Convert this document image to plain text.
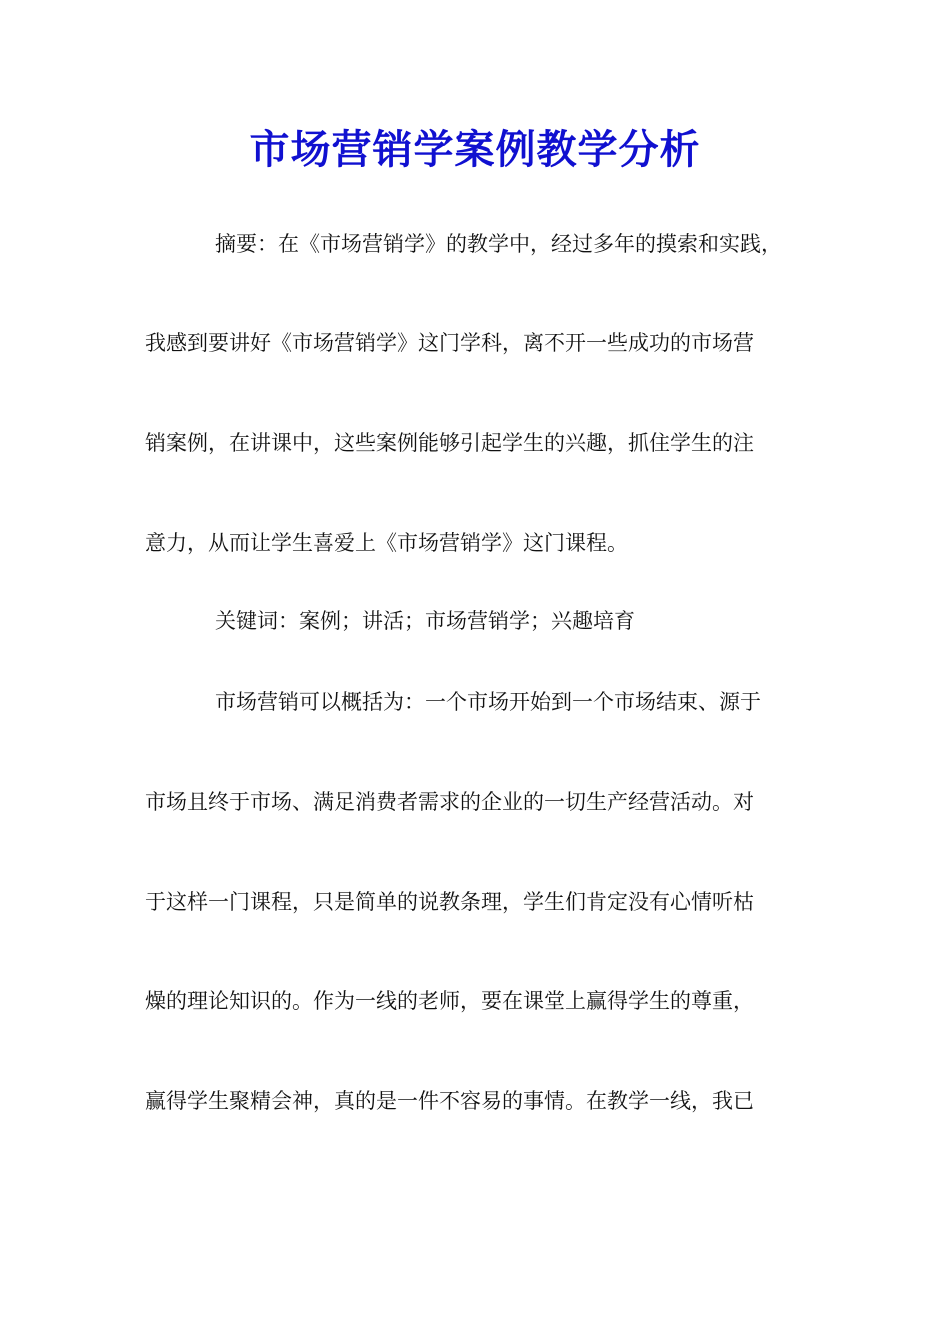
市场营销学案例教学分析
摘要：在《市场营销学》的教学中，经过多年的摸索和实践，
我感到要讲好《市场营销学》这门学科，离不开一些成功的市场营
销案例，在讲课中，这些案例能够引起学生的兴趣，抓住学生的注
意力，从而让学生喜爱上《市场营销学》这门课程。
关键词：案例；讲活；市场营销学；兴趣培育
市场营销可以概括为：一个市场开始到一个市场结束、源于
市场且终于市场、满足消费者需求的企业的一切生产经营活动。对
于这样一门课程，只是简单的说教条理，学生们肯定没有心情听枯
燥的理论知识的。作为一线的老师，要在课堂上赢得学生的尊重，
赢得学生聚精会神，真的是一件不容易的事情。在教学一线，我已
